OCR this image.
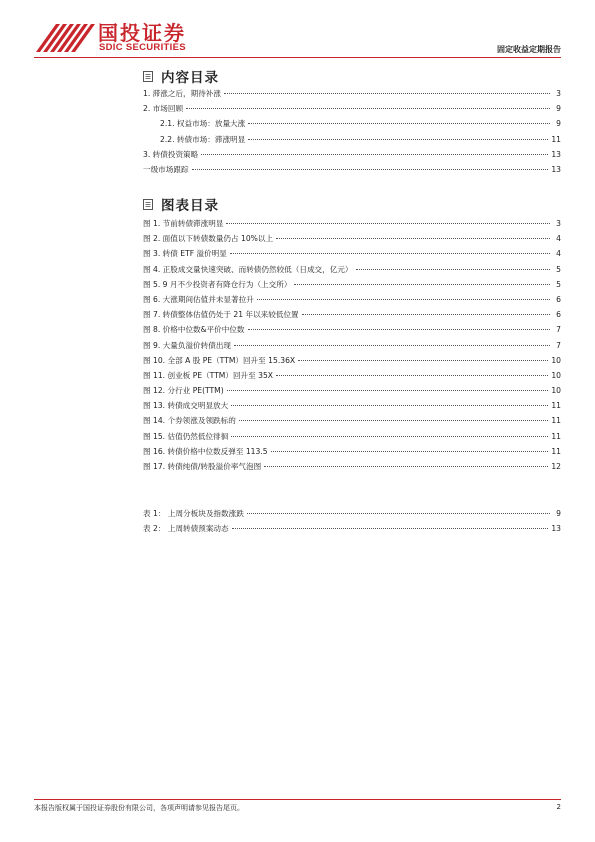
国投证券
SDIC SECURITIES	固定收益定期报告
内容目录
1. 滞涨之后，期待补涨	3
2. 市场回顾	9
2.1. 权益市场：放量大涨	9
2.2. 转债市场：滞涨明显	11
3. 转债投资策略	13
一级市场跟踪	13
图表目录
图 1. 节前转债滞涨明显	3
图 2. 面值以下转债数量仍占 10%以上	4
图 3. 转债 ETF 溢价明显	4
图 4. 正股成交量快速突破、而转债仍然较低（日成交，亿元）	5
图 5. 9 月不少投资者有降仓行为（上交所）	5
图 6. 大涨期间估值并未显著拉升	6
图 7. 转债整体估值仍处于 21 年以来较低位置	6
图 8. 价格中位数&平价中位数	7
图 9. 大量负溢价转债出现	7
图 10. 全部 A 股 PE（TTM）回升至 15.36X	10
图 11. 创业板 PE（TTM）回升至 35X	10
图 12. 分行业 PE(TTM)	10
图 13. 转债成交明显放大	11
图 14. 个券领涨及领跌标的	11
图 15. 估值仍然低位徘徊	11
图 16. 转债价格中位数反弹至 113.5	11
图 17. 转债纯债/转股溢价率气泡图	12
表 1： 上周分板块及指数涨跌	9
表 2： 上周转债预案动态	13
本报告版权属于国投证券股份有限公司，各项声明请参见报告尾页。	2
